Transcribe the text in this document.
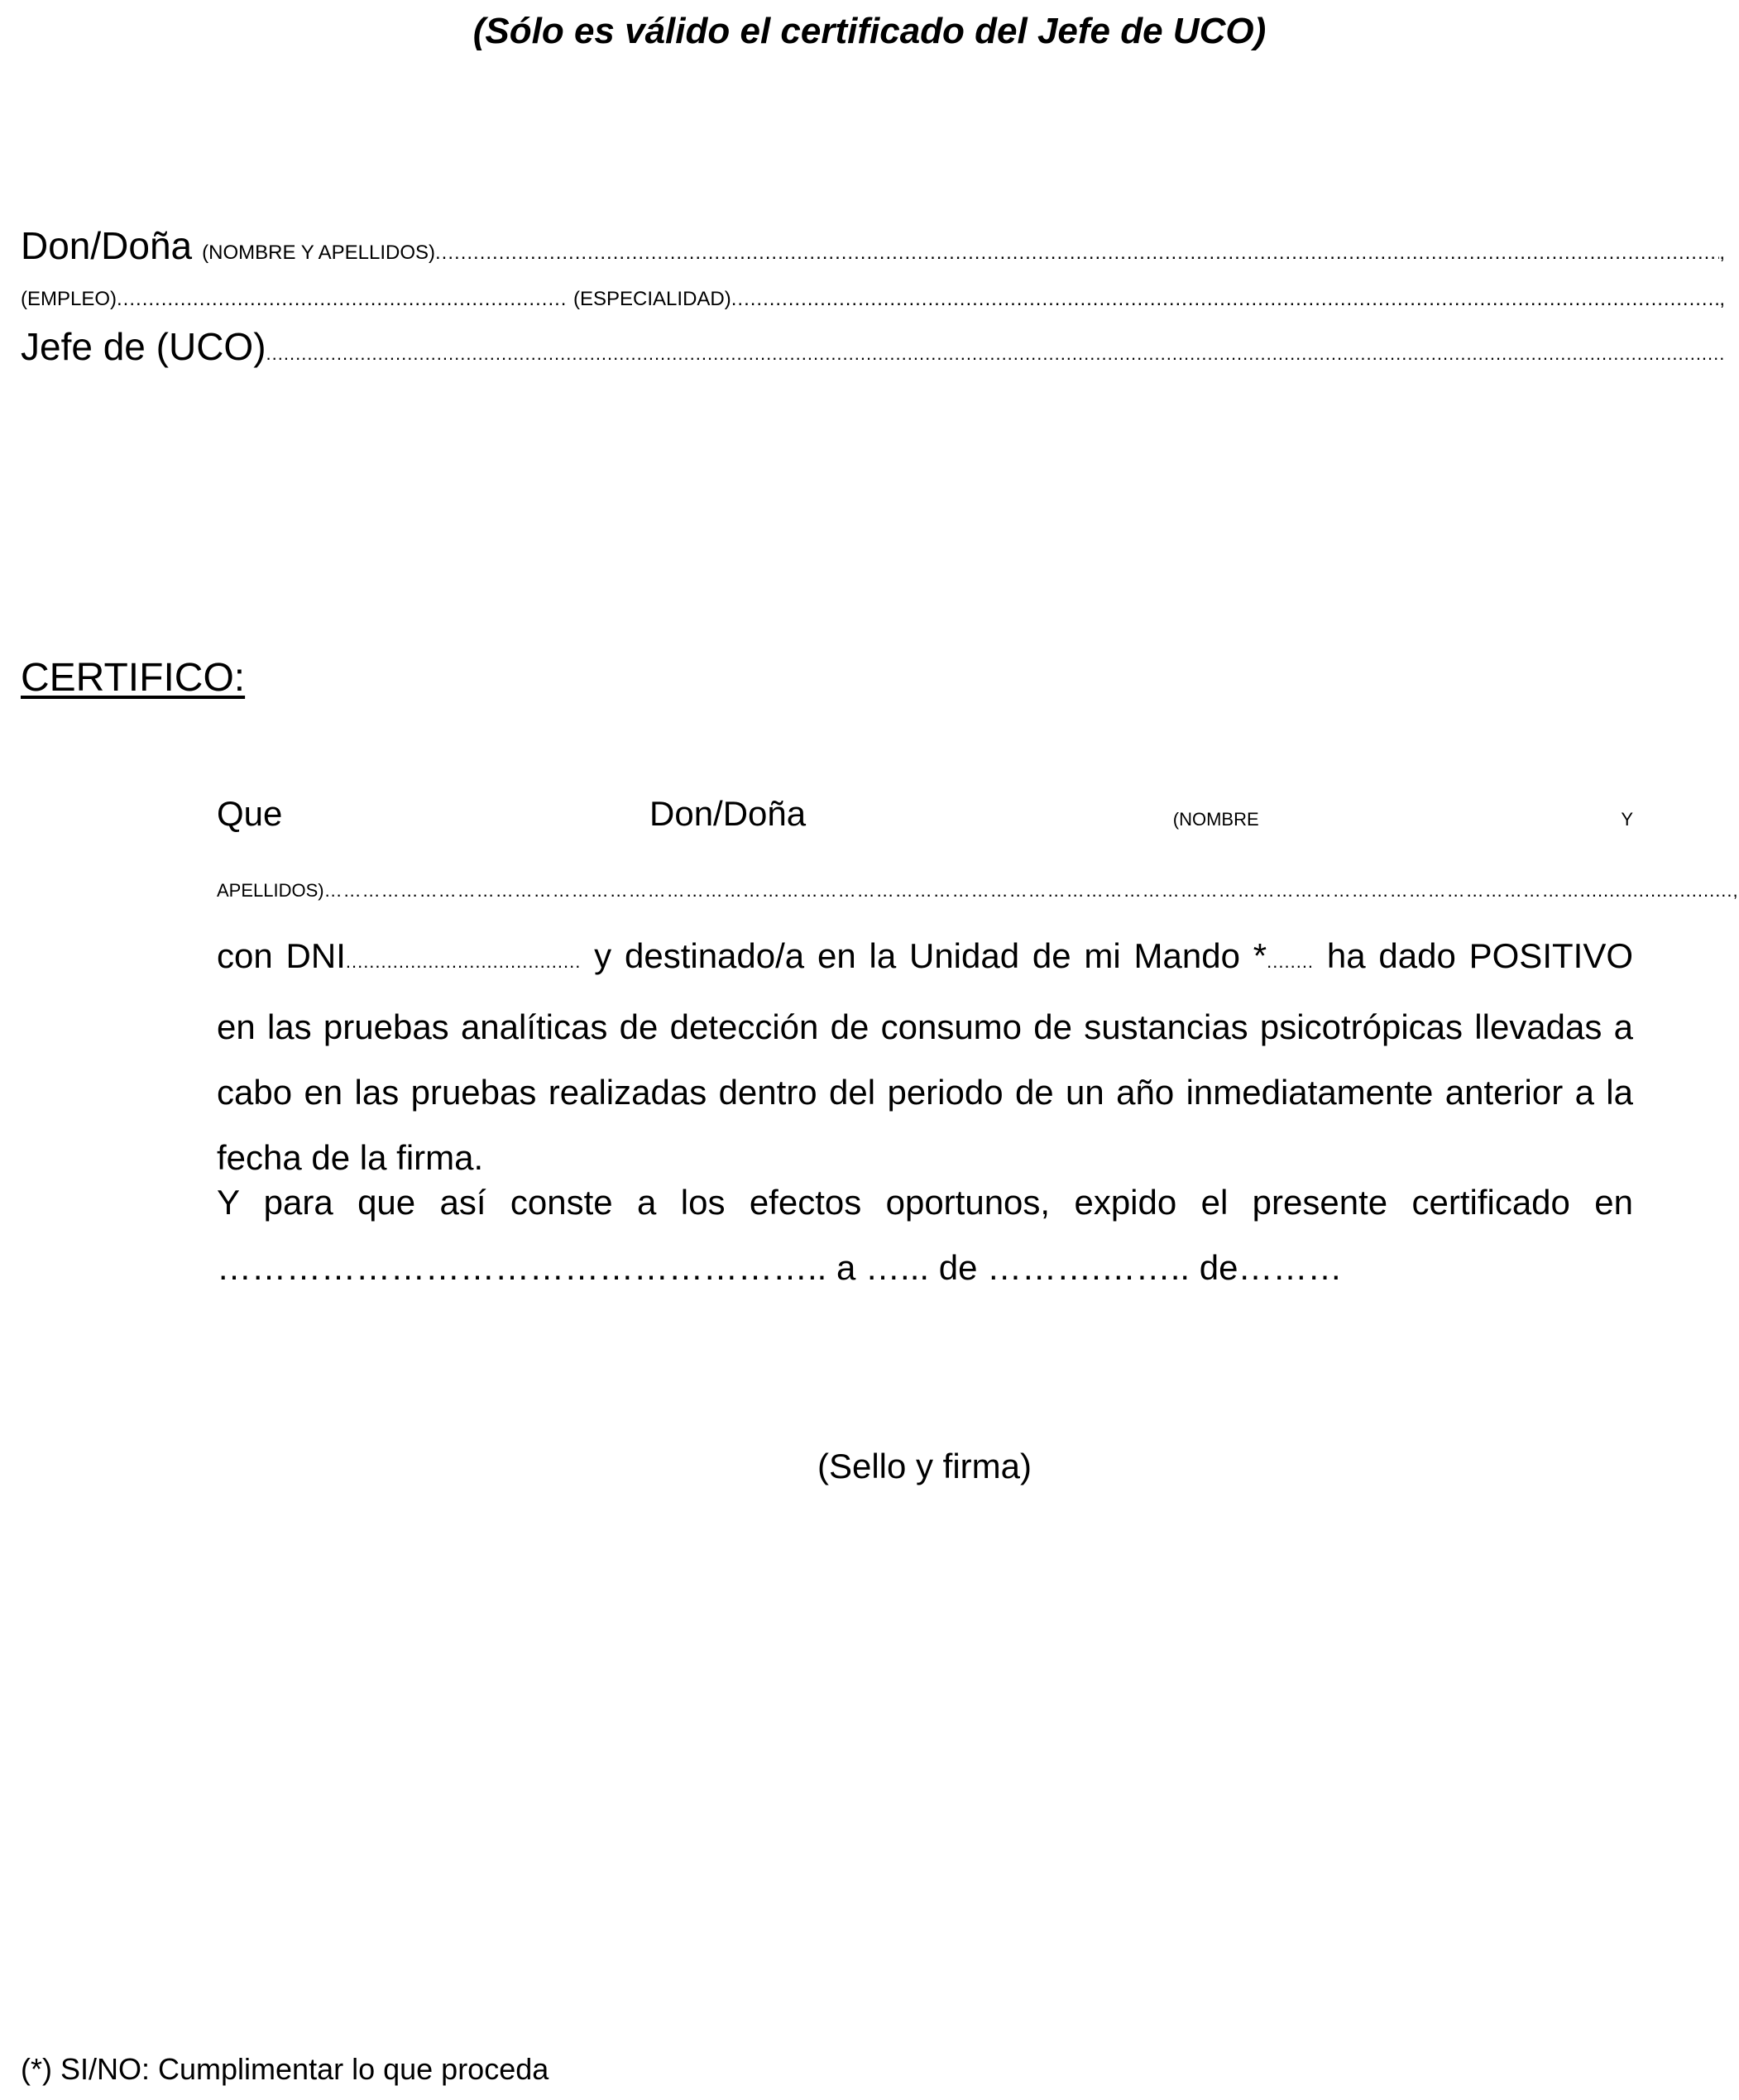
(Sólo es válido el certificado del Jefe de UCO)
Don/Doña (NOMBRE Y APELLIDOS) .....	,
(EMPLEO) .....	(ESPECIALIDAD) .....	,
Jefe de (UCO)
.....
CERTIFICO:
Que Don/Doña	(NOMBRE Y APELLIDOS)………………………………………………………………………………………………………………………………………………………………………………..........................,
con DNI........................................ y destinado/a en la Unidad de mi Mando *........ ha dado POSITIVO en las pruebas analíticas de detección de consumo de sustancias psicotrópicas llevadas a cabo en las pruebas realizadas dentro del periodo de un año inmediatamente anterior a la fecha de la firma.
Y para que así conste a los efectos oportunos, expido el presente certificado en …………………………………………….. a …... de ……….…….. de………
(Sello y firma)
(*) SI/NO: Cumplimentar lo que proceda
